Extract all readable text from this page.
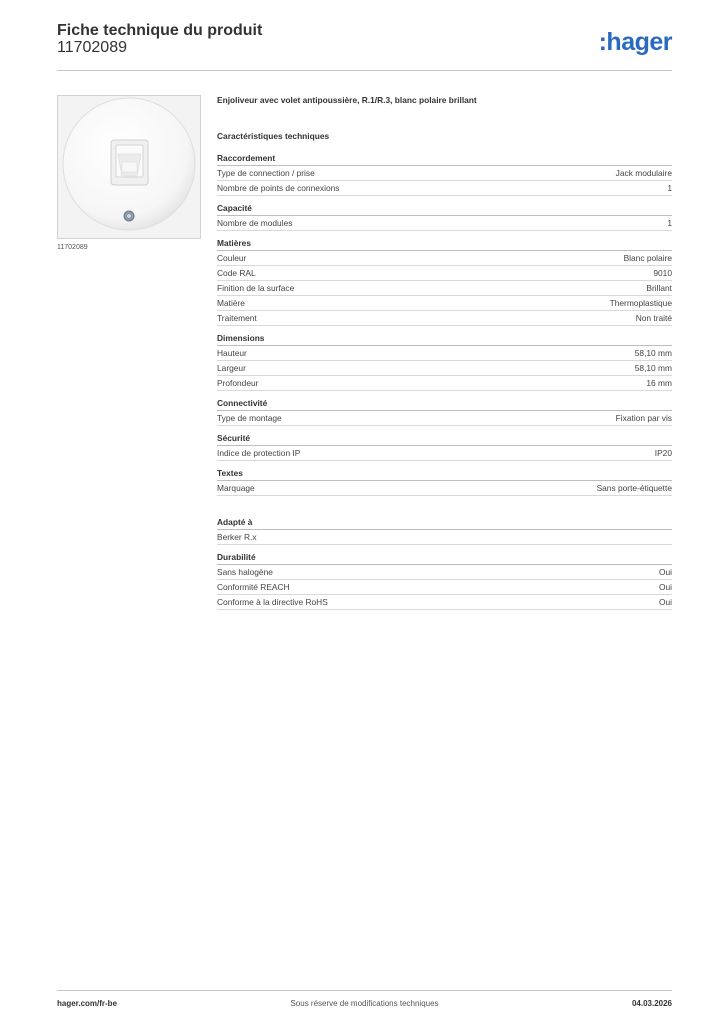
Fiche technique du produit
11702089	:hager
11702089
Enjoliveur avec volet antipoussière, R.1/R.3, blanc polaire brillant
Caractéristiques techniques
Raccordement
Type de connection / prise	Jack modulaire
Nombre de points de connexions	1
Capacité
Nombre de modules	1
Matières
Couleur	Blanc polaire
Code RAL	9010
Finition de la surface	Brillant
Matière	Thermoplastique
Traitement	Non traité
Dimensions
Hauteur	58,10 mm
Largeur	58,10 mm
Profondeur	16 mm
Connectivité
Type de montage	Fixation par vis
Sécurité
Indice de protection IP	IP20
Textes
Marquage	Sans porte-étiquette
Adapté à
Berker R.x
Durabilité
Sans halogène	Oui
Conformité REACH	Oui
Conforme à la directive RoHS	Oui
hager.com/fr-be	Sous réserve de modifications techniques	04.03.2026
